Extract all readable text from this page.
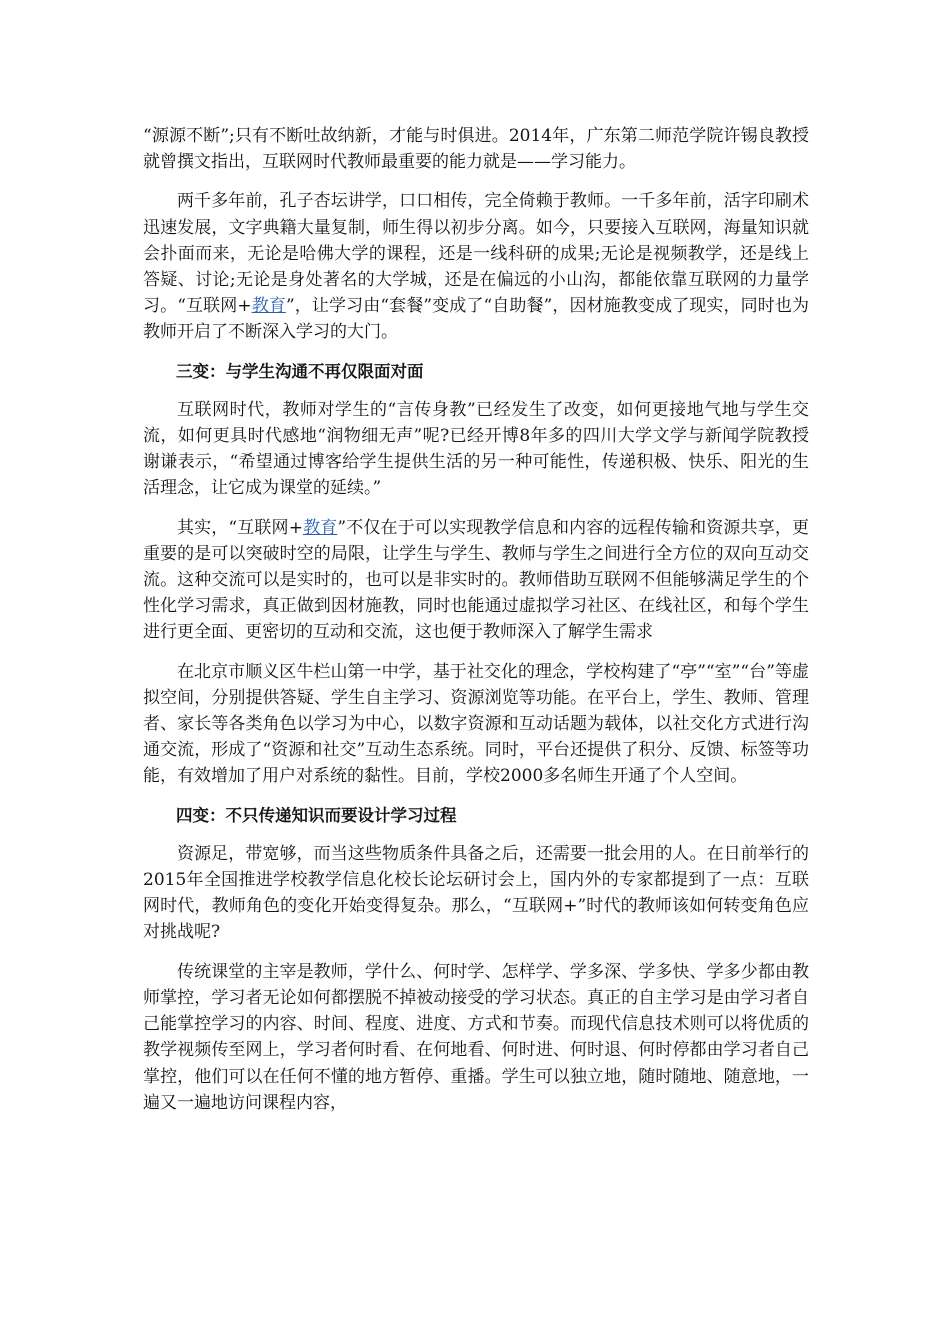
“源源不断”;只有不断吐故纳新，才能与时俱进。2014年，广东第二师范学院许锡良教授就曾撰文指出，互联网时代教师最重要的能力就是——学习能力。

两千多年前，孔子杏坛讲学，口口相传，完全倚赖于教师。一千多年前，活字印刷术迅速发展，文字典籍大量复制，师生得以初步分离。如今，只要接入互联网，海量知识就会扑面而来，无论是哈佛大学的课程，还是一线科研的成果;无论是视频教学，还是线上答疑、讨论;无论是身处著名的大学城，还是在偏远的小山沟，都能依靠互联网的力量学习。“互联网+教育”，让学习由“套餐”变成了“自助餐”，因材施教变成了现实，同时也为教师开启了不断深入学习的大门。

三变：与学生沟通不再仅限面对面

互联网时代，教师对学生的“言传身教”已经发生了改变，如何更接地气地与学生交流，如何更具时代感地“润物细无声”呢?已经开博8年多的四川大学文学与新闻学院教授谢谦表示，“希望通过博客给学生提供生活的另一种可能性，传递积极、快乐、阳光的生活理念，让它成为课堂的延续。”

其实，“互联网+教育”不仅在于可以实现教学信息和内容的远程传输和资源共享，更重要的是可以突破时空的局限，让学生与学生、教师与学生之间进行全方位的双向互动交流。这种交流可以是实时的，也可以是非实时的。教师借助互联网不但能够满足学生的个性化学习需求，真正做到因材施教，同时也能通过虚拟学习社区、在线社区，和每个学生进行更全面、更密切的互动和交流，这也便于教师深入了解学生需求

在北京市顺义区牛栏山第一中学，基于社交化的理念，学校构建了“亭”“室”“台”等虚拟空间，分别提供答疑、学生自主学习、资源浏览等功能。在平台上，学生、教师、管理者、家长等各类角色以学习为中心，以数字资源和互动话题为载体，以社交化方式进行沟通交流，形成了“资源和社交”互动生态系统。同时，平台还提供了积分、反馈、标签等功能，有效增加了用户对系统的黏性。目前，学校2000多名师生开通了个人空间。

四变：不只传递知识而要设计学习过程

资源足，带宽够，而当这些物质条件具备之后，还需要一批会用的人。在日前举行的2015年全国推进学校教学信息化校长论坛研讨会上，国内外的专家都提到了一点：互联网时代，教师角色的变化开始变得复杂。那么，“互联网+”时代的教师该如何转变角色应对挑战呢?

传统课堂的主宰是教师，学什么、何时学、怎样学、学多深、学多快、学多少都由教师掌控，学习者无论如何都摆脱不掉被动接受的学习状态。真正的自主学习是由学习者自己能掌控学习的内容、时间、程度、进度、方式和节奏。而现代信息技术则可以将优质的教学视频传至网上，学习者何时看、在何地看、何时进、何时退、何时停都由学习者自己掌控，他们可以在任何不懂的地方暂停、重播。学生可以独立地，随时随地、随意地，一遍又一遍地访问课程内容，
